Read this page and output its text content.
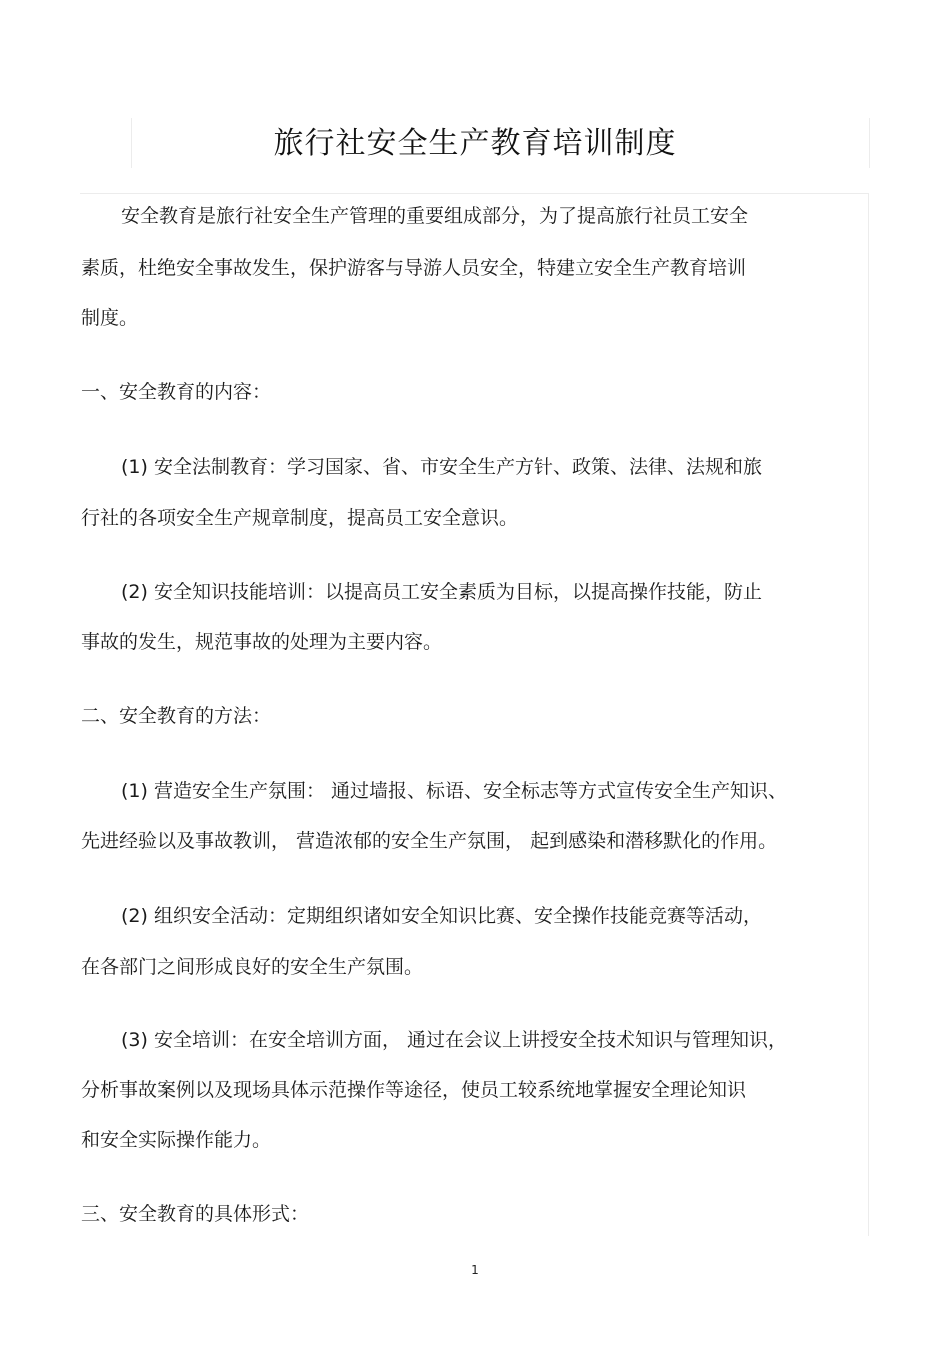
旅行社安全生产教育培训制度
安全教育是旅行社安全生产管理的重要组成部分，为了提高旅行社员工安全
素质，杜绝安全事故发生，保护游客与导游人员安全，特建立安全生产教育培训
制度。
一、安全教育的内容：
(1) 安全法制教育：学习国家、省、市安全生产方针、政策、法律、法规和旅
行社的各项安全生产规章制度，提高员工安全意识。
(2) 安全知识技能培训：以提高员工安全素质为目标，以提高操作技能，防止
事故的发生，规范事故的处理为主要内容。
二、安全教育的方法：
(1) 营造安全生产氛围： 通过墙报、标语、安全标志等方式宣传安全生产知识、
先进经验以及事故教训， 营造浓郁的安全生产氛围， 起到感染和潜移默化的作用。
(2) 组织安全活动：定期组织诸如安全知识比赛、安全操作技能竞赛等活动，
在各部门之间形成良好的安全生产氛围。
(3) 安全培训：在安全培训方面， 通过在会议上讲授安全技术知识与管理知识，
分析事故案例以及现场具体示范操作等途径，使员工较系统地掌握安全理论知识
和安全实际操作能力。
三、安全教育的具体形式：
1
